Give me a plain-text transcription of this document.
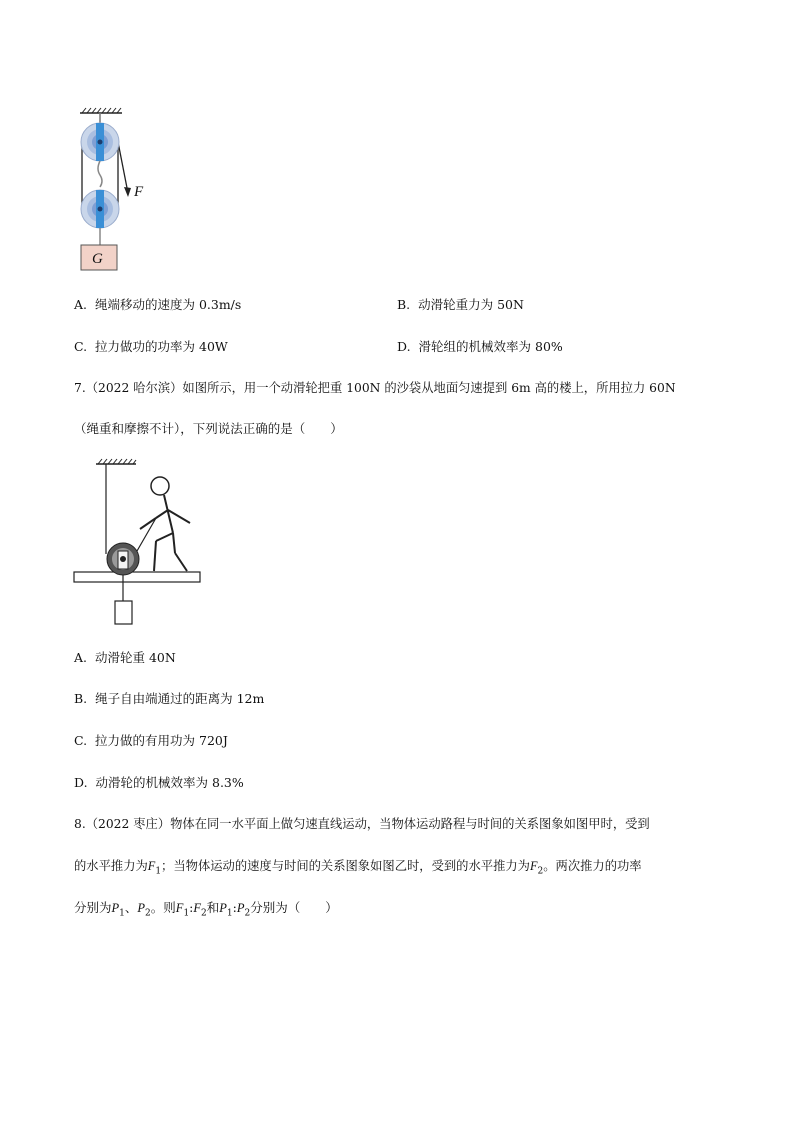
F
G
A. 绳端移动的速度为 0.3m/s	B. 动滑轮重力为 50N
C. 拉力做功的功率为 40W	D. 滑轮组的机械效率为 80%
7.（2022 哈尔滨）如图所示，用一个动滑轮把重 100N 的沙袋从地面匀速提到 6m 高的楼上，所用拉力 60N
（绳重和摩擦不计），下列说法正确的是（　　）
A. 动滑轮重 40N
B. 绳子自由端通过的距离为 12m
C. 拉力做的有用功为 720J
D. 动滑轮的机械效率为 8.3%
8.（2022 枣庄）物体在同一水平面上做匀速直线运动，当物体运动路程与时间的关系图象如图甲时，受到
的水平推力为$F_1$；当物体运动的速度与时间的关系图象如图乙时，受到的水平推力为$F_2$。两次推力的功率
分别为$P_1$、$P_2$。则$F_1:F_2$和$P_1:P_2$分别为（　　）
